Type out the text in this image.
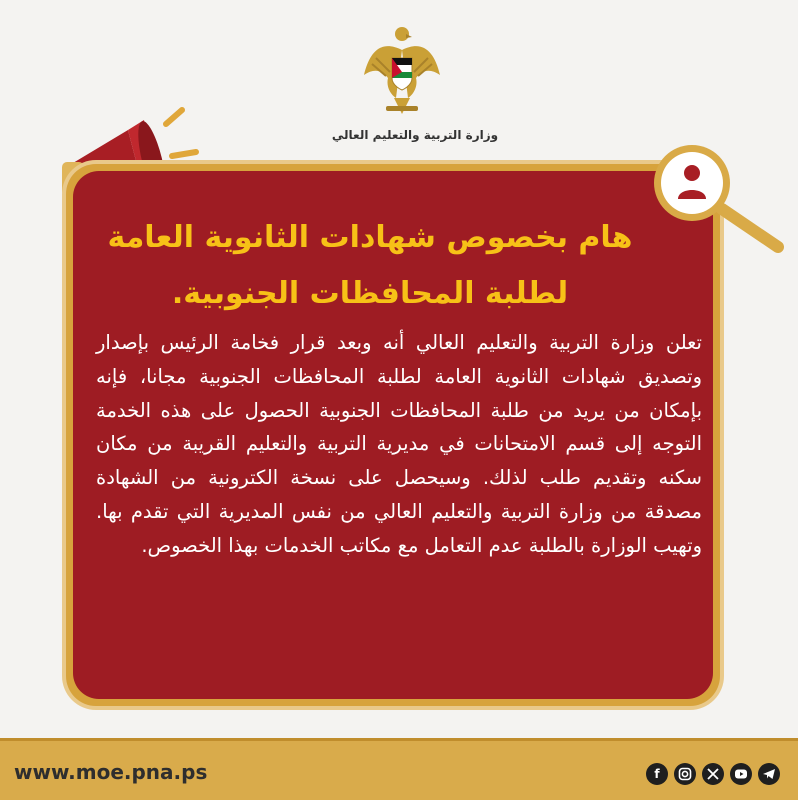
وزارة التربية والتعليم العالي
هام بخصوص شهادات الثانوية العامة
لطلبة المحافظات الجنوبية.
تعلن وزارة التربية والتعليم العالي أنه وبعد قرار فخامة الرئيس بإصدار وتصديق شهادات الثانوية العامة لطلبة المحافظات الجنوبية مجانا، فإنه بإمكان من يريد من طلبة المحافظات الجنوبية الحصول على هذه الخدمة التوجه إلى قسم الامتحانات في مديرية التربية والتعليم القريبة من مكان سكنه وتقديم طلب لذلك. وسيحصل على نسخة الكترونية من الشهادة مصدقة من وزارة التربية والتعليم العالي من نفس المديرية التي تقدم بها. وتهيب الوزارة بالطلبة عدم التعامل مع مكاتب الخدمات بهذا الخصوص.
www.moe.pna.ps	f
